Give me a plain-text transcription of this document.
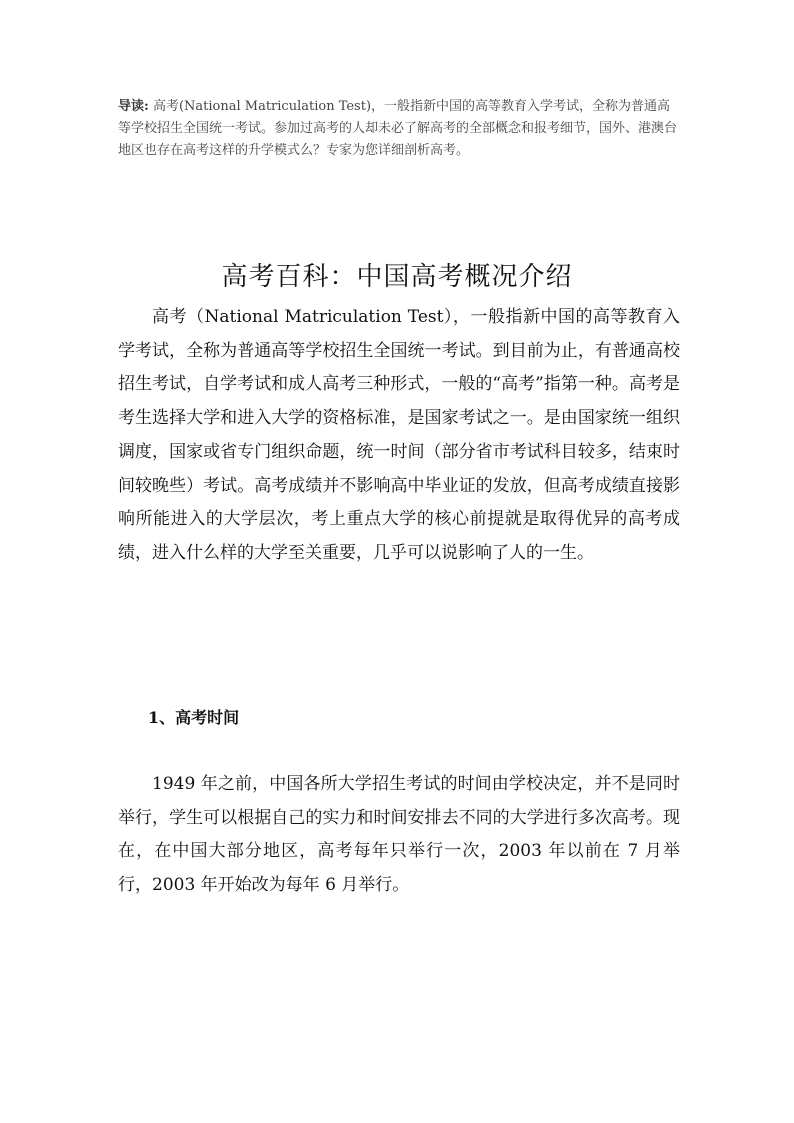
导读: 高考(National Matriculation Test)，一般指新中国的高等教育入学考试，全称为普通高等学校招生全国统一考试。参加过高考的人却未必了解高考的全部概念和报考细节，国外、港澳台地区也存在高考这样的升学模式么？专家为您详细剖析高考。
高考百科：中国高考概况介绍

高考（National Matriculation Test），一般指新中国的高等教育入学考试，全称为普通高等学校招生全国统一考试。到目前为止，有普通高校招生考试，自学考试和成人高考三种形式，一般的“高考”指第一种。高考是考生选择大学和进入大学的资格标准，是国家考试之一。是由国家统一组织调度，国家或省专门组织命题，统一时间（部分省市考试科目较多，结束时间较晚些）考试。高考成绩并不影响高中毕业证的发放，但高考成绩直接影响所能进入的大学层次，考上重点大学的核心前提就是取得优异的高考成绩，进入什么样的大学至关重要，几乎可以说影响了人的一生。

1、高考时间

1949 年之前，中国各所大学招生考试的时间由学校决定，并不是同时举行，学生可以根据自己的实力和时间安排去不同的大学进行多次高考。现在，在中国大部分地区，高考每年只举行一次，2003 年以前在 7 月举行，2003 年开始改为每年 6 月举行。
